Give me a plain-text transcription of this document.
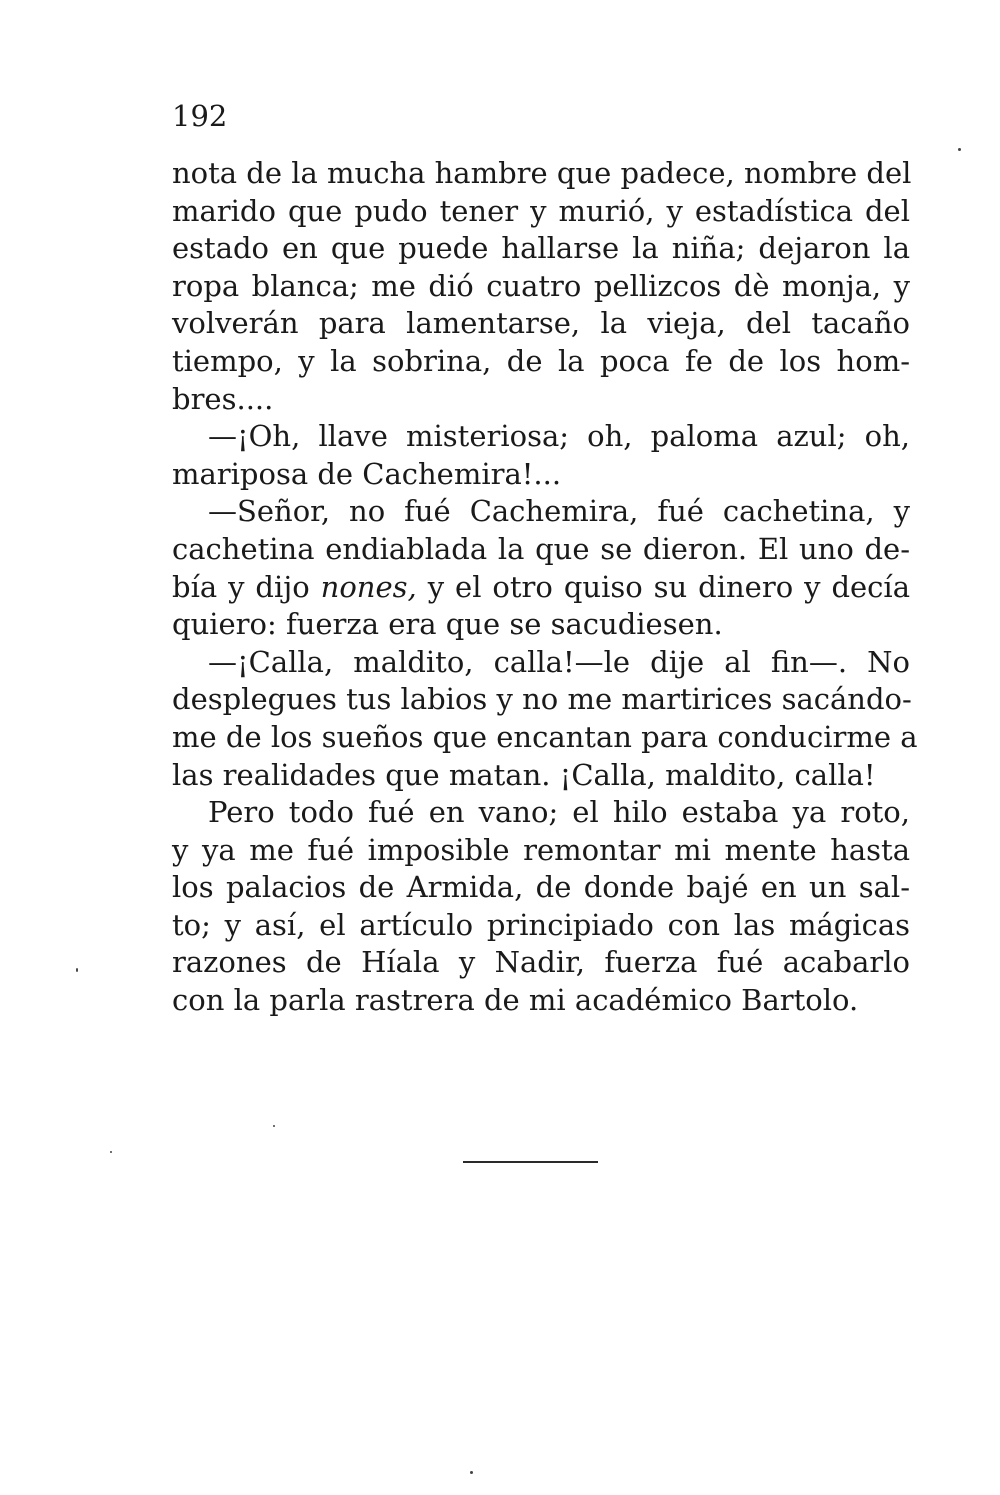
192
nota de la mucha hambre que padece, nombre del
marido que pudo tener y murió, y estadística del
estado en que puede hallarse la niña; dejaron la
ropa blanca; me dió cuatro pellizcos dè monja, y
volverán para lamentarse, la vieja, del tacaño
tiempo, y la sobrina, de la poca fe de los hom-
bres....
—¡Oh, llave misteriosa; oh, paloma azul; oh,
mariposa de Cachemira!...
—Señor, no fué Cachemira, fué cachetina, y
cachetina endiablada la que se dieron. El uno de-
bía y dijo nones, y el otro quiso su dinero y decía
quiero: fuerza era que se sacudiesen.
—¡Calla, maldito, calla!—le dije al fin—. No
desplegues tus labios y no me martirices sacándo-
me de los sueños que encantan para conducirme a
las realidades que matan. ¡Calla, maldito, calla!
Pero todo fué en vano; el hilo estaba ya roto,
y ya me fué imposible remontar mi mente hasta
los palacios de Armida, de donde bajé en un sal-
to; y así, el artículo principiado con las mágicas
razones de Híala y Nadir, fuerza fué acabarlo
con la parla rastrera de mi académico Bartolo.
